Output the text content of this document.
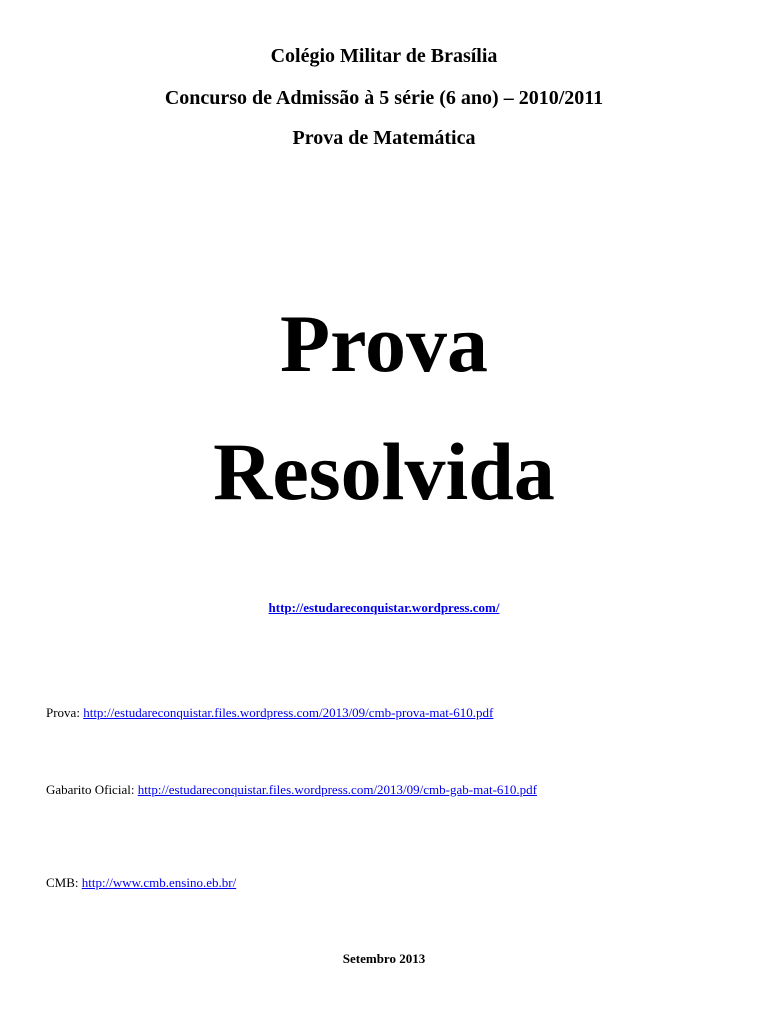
Colégio Militar de Brasília
Concurso de Admissão à 5 série (6 ano) – 2010/2011
Prova de Matemática
Prova
Resolvida
http://estudareconquistar.wordpress.com/
Prova: http://estudareconquistar.files.wordpress.com/2013/09/cmb-prova-mat-610.pdf
Gabarito Oficial: http://estudareconquistar.files.wordpress.com/2013/09/cmb-gab-mat-610.pdf
CMB: http://www.cmb.ensino.eb.br/
Setembro 2013
